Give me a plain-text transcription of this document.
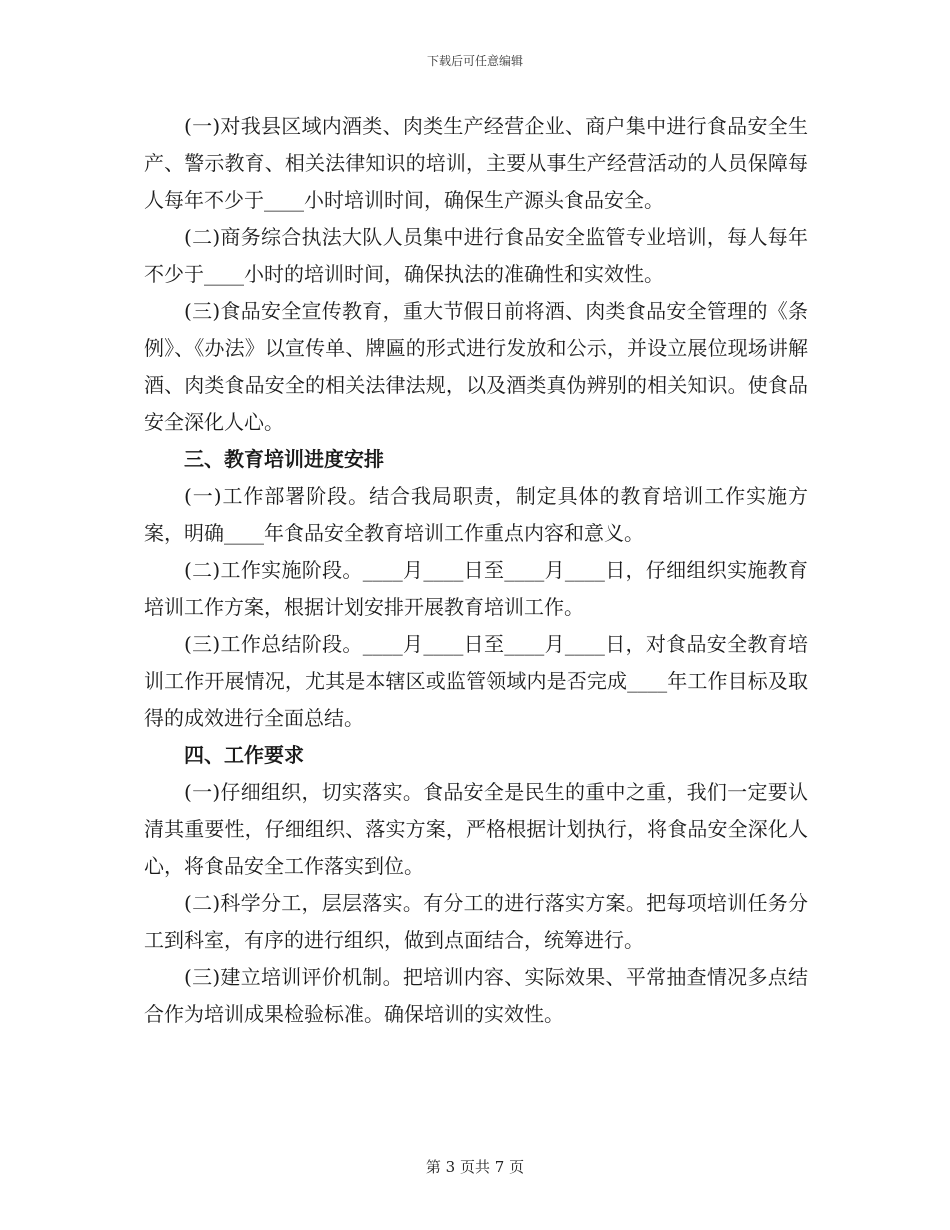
下载后可任意编辑

(一)对我县区域内酒类、肉类生产经营企业、商户集中进行食品安全生产、警示教育、相关法律知识的培训，主要从事生产经营活动的人员保障每人每年不少于____小时培训时间，确保生产源头食品安全。

(二)商务综合执法大队人员集中进行食品安全监管专业培训，每人每年不少于____小时的培训时间，确保执法的准确性和实效性。

(三)食品安全宣传教育，重大节假日前将酒、肉类食品安全管理的《条例》、《办法》以宣传单、牌匾的形式进行发放和公示，并设立展位现场讲解酒、肉类食品安全的相关法律法规，以及酒类真伪辨别的相关知识。使食品安全深化人心。

三、教育培训进度安排

(一)工作部署阶段。结合我局职责，制定具体的教育培训工作实施方案，明确____年食品安全教育培训工作重点内容和意义。

(二)工作实施阶段。____月____日至____月____日，仔细组织实施教育培训工作方案，根据计划安排开展教育培训工作。

(三)工作总结阶段。____月____日至____月____日，对食品安全教育培训工作开展情况，尤其是本辖区或监管领域内是否完成____年工作目标及取得的成效进行全面总结。

四、工作要求

(一)仔细组织，切实落实。食品安全是民生的重中之重，我们一定要认清其重要性，仔细组织、落实方案，严格根据计划执行，将食品安全深化人心，将食品安全工作落实到位。

(二)科学分工，层层落实。有分工的进行落实方案。把每项培训任务分工到科室，有序的进行组织，做到点面结合，统筹进行。

(三)建立培训评价机制。把培训内容、实际效果、平常抽查情况多点结合作为培训成果检验标准。确保培训的实效性。

第 3 页共 7 页
